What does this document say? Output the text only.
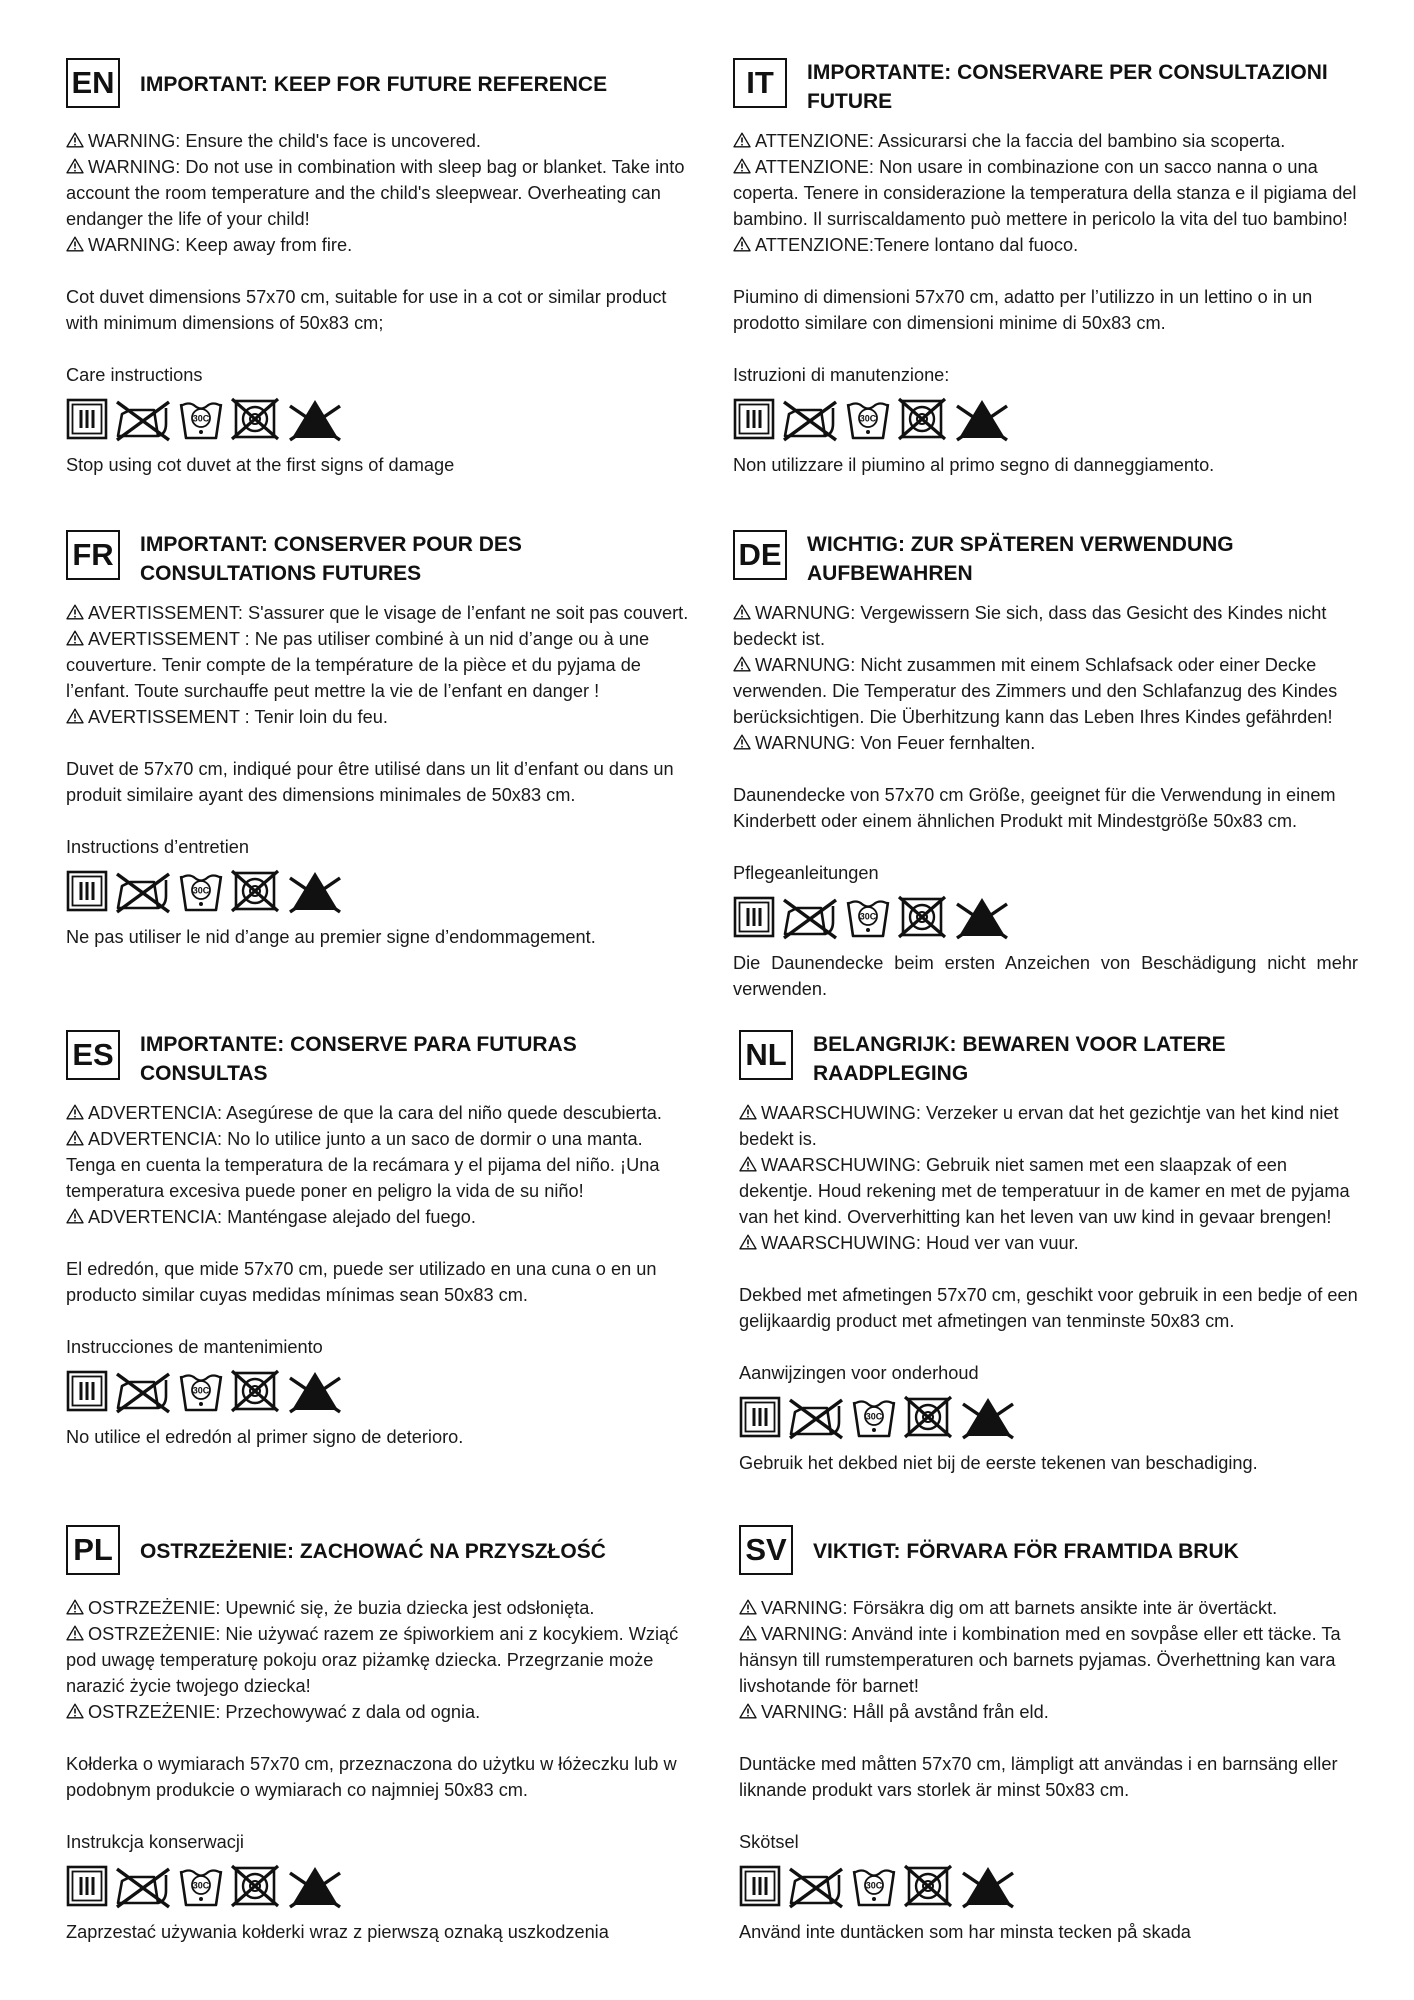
EN IMPORTANT: KEEP FOR FUTURE REFERENCE

WARNING: Ensure the child's face is uncovered.

WARNING: Do not use in combination with sleep bag or blanket. Take into account the room temperature and the child's sleepwear. Overheating can endanger the life of your child!

WARNING: Keep away from fire.

Cot duvet dimensions 57x70 cm, suitable for use in a cot or similar product with minimum dimensions of 50x83 cm;

Care instructions

30C

Stop using cot duvet at the first signs of damage

IT	IMPORTANTE: CONSERVARE PER CONSULTAZIONI FUTURE

ATTENZIONE: Assicurarsi che la faccia del bambino sia scoperta.

ATTENZIONE: Non usare in combinazione con un sacco nanna o una coperta. Tenere in considerazione la temperatura della stanza e il pigiama del bambino. Il surriscaldamento può mettere in pericolo la vita del tuo bambino!

ATTENZIONE:Tenere lontano dal fuoco.

Piumino di dimensioni 57x70 cm, adatto per l’utilizzo in un lettino o in un prodotto similare con dimensioni minime di 50x83 cm.

Istruzioni di manutenzione:

30C

Non utilizzare il piumino al primo segno di danneggiamento.

FR	IMPORTANT: CONSERVER POUR DES CONSULTATIONS FUTURES

AVERTISSEMENT: S'assurer que le visage de l’enfant ne soit pas couvert.

AVERTISSEMENT : Ne pas utiliser combiné à un nid d’ange ou à une couverture. Tenir compte de la température de la pièce et du pyjama de l’enfant. Toute surchauffe peut mettre la vie de l’enfant en danger !

AVERTISSEMENT : Tenir loin du feu.

Duvet de 57x70 cm, indiqué pour être utilisé dans un lit d’enfant ou dans un produit similaire ayant des dimensions minimales de 50x83 cm.

Instructions d’entretien

30C

Ne pas utiliser le nid d’ange au premier signe d’endommagement.

DE WICHTIG: ZUR SPÄTEREN VERWENDUNG AUFBEWAHREN

WARNUNG: Vergewissern Sie sich, dass das Gesicht des Kindes nicht bedeckt ist.

WARNUNG: Nicht zusammen mit einem Schlafsack oder einer Decke verwenden. Die Temperatur des Zimmers und den Schlafanzug des Kindes berücksichtigen. Die Überhitzung kann das Leben Ihres Kindes gefährden!

WARNUNG: Von Feuer fernhalten.

Daunendecke von 57x70 cm Größe, geeignet für die Verwendung in einem Kinderbett oder einem ähnlichen Produkt mit Mindestgröße 50x83 cm.

Pflegeanleitungen

30C

Die Daunendecke beim ersten Anzeichen von Beschädigung nicht mehr verwenden.

ES	IMPORTANTE: CONSERVE PARA FUTURAS CONSULTAS

ADVERTENCIA: Asegúrese de que la cara del niño quede descubierta.

ADVERTENCIA: No lo utilice junto a un saco de dormir o una manta. Tenga en cuenta la temperatura de la recámara y el pijama del niño. ¡Una temperatura excesiva puede poner en peligro la vida de su niño!

ADVERTENCIA: Manténgase alejado del fuego.

El edredón, que mide 57x70 cm, puede ser utilizado en una cuna o en un producto similar cuyas medidas mínimas sean 50x83 cm.

Instrucciones de mantenimiento

30C

No utilice el edredón al primer signo de deterioro.

NL	BELANGRIJK: BEWAREN VOOR LATERE RAADPLEGING

WAARSCHUWING: Verzeker u ervan dat het gezichtje van het kind niet bedekt is.

WAARSCHUWING: Gebruik niet samen met een slaapzak of een dekentje. Houd rekening met de temperatuur in de kamer en met de pyjama van het kind. Oververhitting kan het leven van uw kind in gevaar brengen!

WAARSCHUWING: Houd ver van vuur.

Dekbed met afmetingen 57x70 cm, geschikt voor gebruik in een bedje of een gelijkaardig product met afmetingen van tenminste 50x83 cm.

Aanwijzingen voor onderhoud

30C

Gebruik het dekbed niet bij de eerste tekenen van beschadiging.

PL	OSTRZEŻENIE: ZACHOWAĆ NA PRZYSZŁOŚĆ

OSTRZEŻENIE: Upewnić się, że buzia dziecka jest odsłonięta.

OSTRZEŻENIE: Nie używać razem ze śpiworkiem ani z kocykiem. Wziąć pod uwagę temperaturę pokoju oraz piżamkę dziecka. Przegrzanie może narazić życie twojego dziecka!

OSTRZEŻENIE: Przechowywać z dala od ognia.

Kołderka o wymiarach 57x70 cm, przeznaczona do użytku w łóżeczku lub w podobnym produkcie o wymiarach co najmniej 50x83 cm.

Instrukcja konserwacji

30C

Zaprzestać używania kołderki wraz z pierwszą oznaką uszkodzenia

SV	VIKTIGT: FÖRVARA FÖR FRAMTIDA BRUK

VARNING: Försäkra dig om att barnets ansikte inte är övertäckt.

VARNING: Använd inte i kombination med en sovpåse eller ett täcke. Ta hänsyn till rumstemperaturen och barnets pyjamas. Överhettning kan vara livshotande för barnet!

VARNING: Håll på avstånd från eld.

Duntäcke med måtten 57x70 cm, lämpligt att användas i en barnsäng eller liknande produkt vars storlek är minst 50x83 cm.

Skötsel

30C

Använd inte duntäcken som har minsta tecken på skada
